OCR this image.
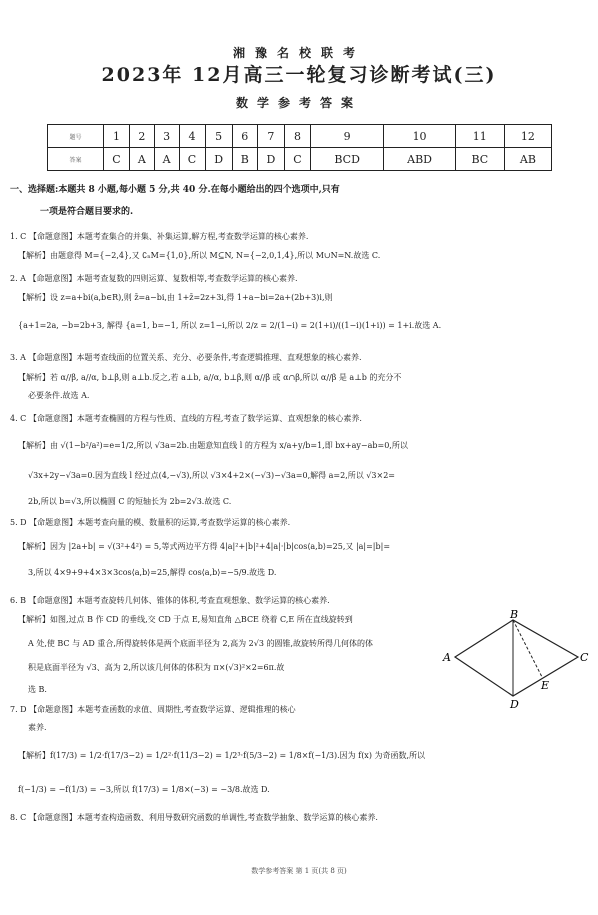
湘豫名校联考
2023年 12月高三一轮复习诊断考试(三)
数学参考答案
题号	1	2	3	4	5	6	7	8	9	10	11	12
答案	C	A	A	C	D	B	D	C	BCD	ABD	BC	AB
一、选择题:本题共 8 小题,每小题 5 分,共 40 分.在每小题给出的四个选项中,只有
一项是符合题目要求的.
1. C 【命题意图】本题考查集合的并集、补集运算,解方程,考查数学运算的核心素养.
【解析】由题意得 M={−2,4},又 ∁ₙM={1,0},所以 M⊆N, N={−2,0,1,4},所以 M∪N=N.故选 C.
2. A 【命题意图】本题考查复数的四则运算、复数相等,考查数学运算的核心素养.
【解析】设 z=a+bi(a,b∈R),则 z̄=a−bi,由 1+z̄=2z+3i,得 1+a−bi=2a+(2b+3)i,则
{a+1=2a, −b=2b+3, 解得 {a=1, b=−1, 所以 z=1−i,所以 2/z = 2/(1−i) = 2(1+i)/((1−i)(1+i)) = 1+i.故选 A.
3. A 【命题意图】本题考查线面的位置关系、充分、必要条件,考查逻辑推理、直观想象的核心素养.
【解析】若 α//β, a//α, b⊥β,则 a⊥b.反之,若 a⊥b, a//α, b⊥β,则 α//β 或 α∩β,所以 α//β 是 a⊥b 的充分不
必要条件.故选 A.
4. C 【命题意图】本题考查椭圆的方程与性质、直线的方程,考查了数学运算、直观想象的核心素养.
【解析】由 √(1−b²/a²)=e=1/2,所以 √3a=2b.由题意知直线 l 的方程为 x/a+y/b=1,即 bx+ay−ab=0,所以
√3x+2y−√3a=0.因为直线 l 经过点(4,−√3),所以 √3×4+2×(−√3)−√3a=0,解得 a=2,所以 √3×2=
2b,所以 b=√3,所以椭圆 C 的短轴长为 2b=2√3.故选 C.
5. D 【命题意图】本题考查向量的模、数量积的运算,考查数学运算的核心素养.
【解析】因为 |2a+b| = √(3²+4²) = 5,等式两边平方得 4|a|²+|b|²+4|a|·|b|cos⟨a,b⟩=25,又 |a|=|b|=
3,所以 4×9+9+4×3×3cos⟨a,b⟩=25,解得 cos⟨a,b⟩=−5/9.故选 D.
6. B 【命题意图】本题考查旋转几何体、锥体的体积,考查直观想象、数学运算的核心素养.
【解析】如图,过点 B 作 CD 的垂线,交 CD 于点 E,易知直角 △BCE 绕着 C,E 所在直线旋转到
A 处,使 BC 与 AD 重合,所得旋转体是两个底面半径为 2,高为 2√3 的圆锥,故旋转所得几何体的体
积是底面半径为 √3、高为 2,所以该几何体的体积为 π×(√3)²×2=6π.故
选 B.
A
B
C
D
E
7. D 【命题意图】本题考查函数的求值、周期性,考查数学运算、逻辑推理的核心
素养.
【解析】f(17/3) = 1/2·f(17/3−2) = 1/2²·f(11/3−2) = 1/2³·f(5/3−2) = 1/8×f(−1/3).因为 f(x) 为奇函数,所以
f(−1/3) = −f(1/3) = −3,所以 f(17/3) = 1/8×(−3) = −3/8.故选 D.
8. C 【命题意图】本题考查构造函数、利用导数研究函数的单调性,考查数学抽象、数学运算的核心素养.
数学参考答案 第 1 页(共 8 页)
